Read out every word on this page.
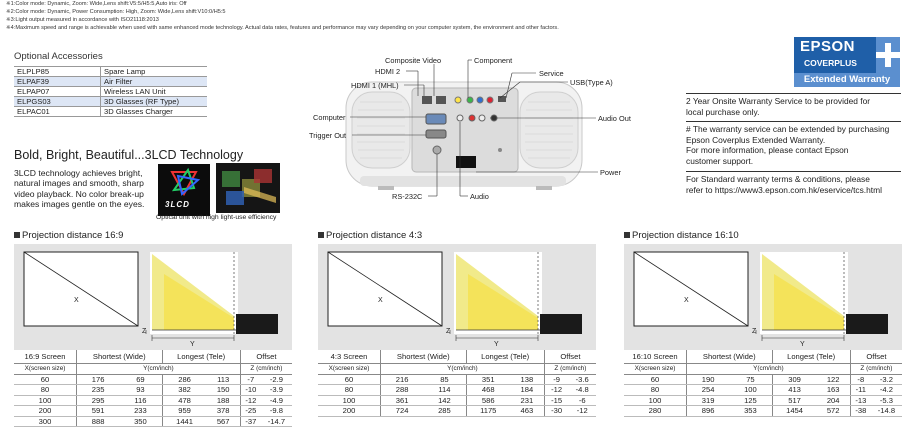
※1:Color mode: Dynamic, Zoom: Wide,Lens shift:V5:5/H5:5,Auto iris: Off
※2:Color mode: Dynamic, Power Consumption: High, Zoom: Wide,Lens shift:V10:0/H5:5
※3:Light output measured in accordance with ISO21118:2013
※4:Maximum speed and range is achievable when used with same enhanced mode technology. Actual data rates, features and performance may vary depending on your computer system, the environment and other factors.
Optional Accessories
ELPLP85	Spare Lamp
ELPAF39	Air Filter
ELPAP07	Wireless LAN Unit
ELPGS03	3D Glasses (RF Type)
ELPAC01	3D Glasses Charger
Bold, Bright, Beautiful...3LCD Technology
3LCD technology achieves bright,
natural images and smooth, sharp
video playback. No color break-up
makes images gentle on the eyes.	3LCD
Optical unit with high light-use efficiency
Composite Video	Component
HDMI 2	Service
HDMI 1 (MHL)	USB(Type A)
Computer	Audio Out
Trigger Out
Power
RS-232C	Audio
EPSON
COVERPLUS
Extended Warranty
2 Year Onsite Warranty Service to be provided for
local purchase only.
# The warranty service can be extended by purchasing
Epson Coverplus Extended Warranty.
For more information, please contact Epson
customer support.
For Standard warranty terms & conditions, please
refer to https://www3.epson.com.hk/eservice/tcs.html
Projection distance 16:9
X
Z
Y
16:9 Screen	Shortest (Wide)		Longest (Tele)		Offset	
X(screen size)	Y(cm/inch)				Z (cm/inch)	
60	176	69	286	113	-7	-2.9
80	235	93	382	150	-10	-3.9
100	295	116	478	188	-12	-4.9
200	591	233	959	378	-25	-9.8
300	888	350	1441	567	-37	-14.7
Projection distance 4:3
X
Z
Y
4:3 Screen	Shortest (Wide)		Longest (Tele)		Offset	
X(screen size)	Y(cm/inch)				Z (cm/inch)	
60	216	85	351	138	-9	-3.6
80	288	114	468	184	-12	-4.8
100	361	142	586	231	-15	-6
200	724	285	1175	463	-30	-12
Projection distance 16:10
X
Z
Y
16:10 Screen	Shortest (Wide)		Longest (Tele)		Offset	
X(screen size)	Y(cm/inch)				Z (cm/inch)	
60	190	75	309	122	-8	-3.2
80	254	100	413	163	-11	-4.2
100	319	125	517	204	-13	-5.3
280	896	353	1454	572	-38	-14.8
